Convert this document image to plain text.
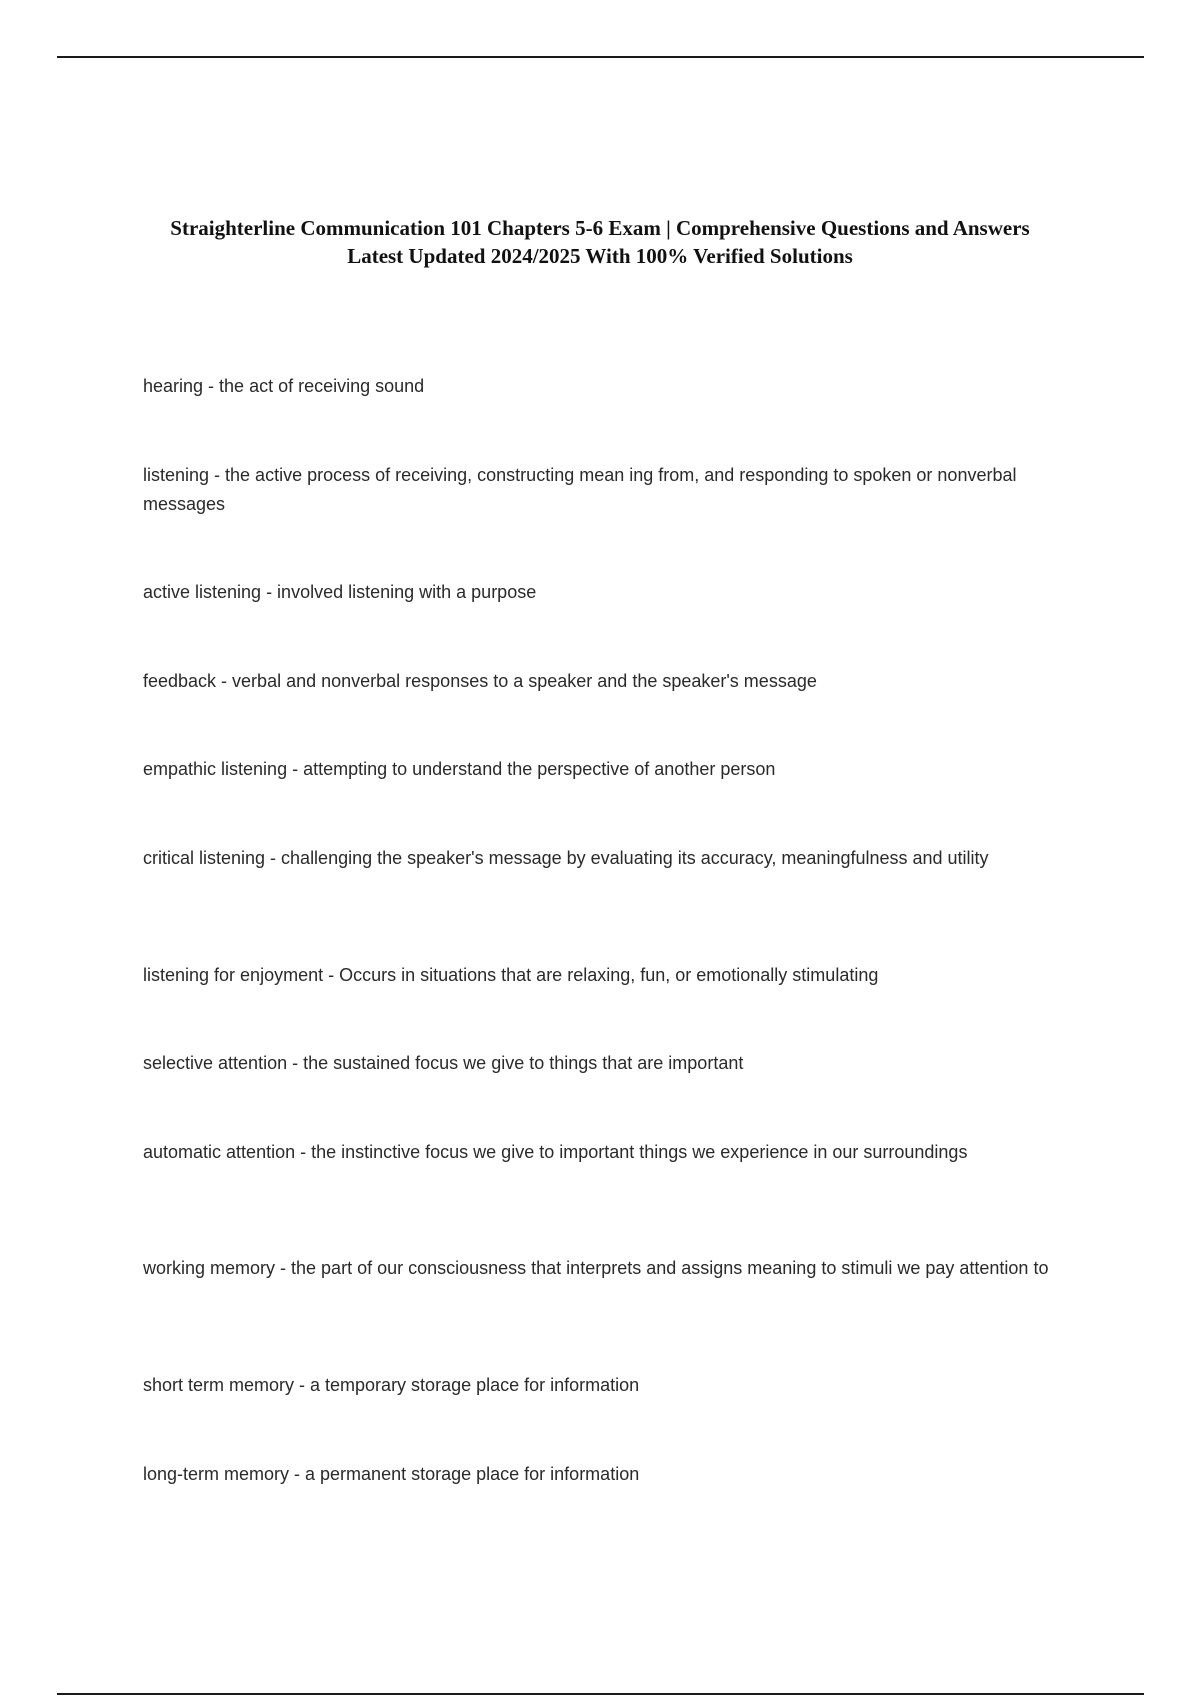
Straighterline Communication 101 Chapters 5-6 Exam | Comprehensive Questions and Answers Latest Updated 2024/2025 With 100% Verified Solutions
hearing - the act of receiving sound
listening - the active process of receiving, constructing mean ing from, and responding to spoken or nonverbal messages
active listening - involved listening with a purpose
feedback - verbal and nonverbal responses to a speaker and the speaker's message
empathic listening - attempting to understand the perspective of another person
critical listening - challenging the speaker's message by evaluating its accuracy, meaningfulness and utility
listening for enjoyment - Occurs in situations that are relaxing, fun, or emotionally stimulating
selective attention - the sustained focus we give to things that are important
automatic attention - the instinctive focus we give to important things we experience in our surroundings
working memory - the part of our consciousness that interprets and assigns meaning to stimuli we pay attention to
short term memory - a temporary storage place for information
long-term memory - a permanent storage place for information
